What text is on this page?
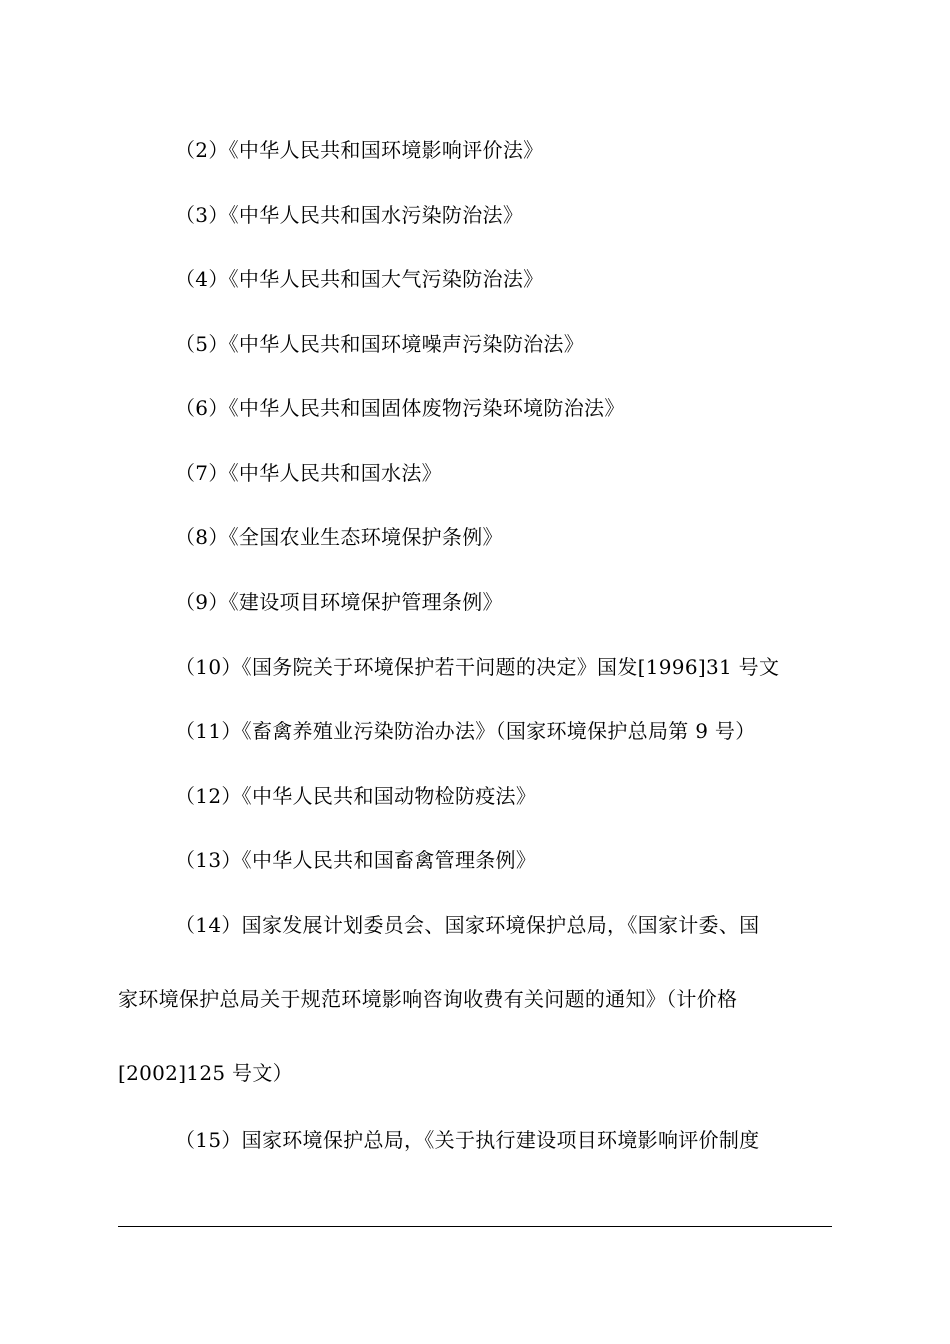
（2）《中华人民共和国环境影响评价法》
（3）《中华人民共和国水污染防治法》
（4）《中华人民共和国大气污染防治法》
（5）《中华人民共和国环境噪声污染防治法》
（6）《中华人民共和国固体废物污染环境防治法》
（7）《中华人民共和国水法》
（8）《全国农业生态环境保护条例》
（9）《建设项目环境保护管理条例》
（10）《国务院关于环境保护若干问题的决定》国发[1996]31 号文
（11）《畜禽养殖业污染防治办法》（国家环境保护总局第 9 号）
（12）《中华人民共和国动物检防疫法》
（13）《中华人民共和国畜禽管理条例》
（14）国家发展计划委员会、国家环境保护总局，《国家计委、国
家环境保护总局关于规范环境影响咨询收费有关问题的通知》（计价格
[2002]125 号文）
（15）国家环境保护总局，《关于执行建设项目环境影响评价制度
